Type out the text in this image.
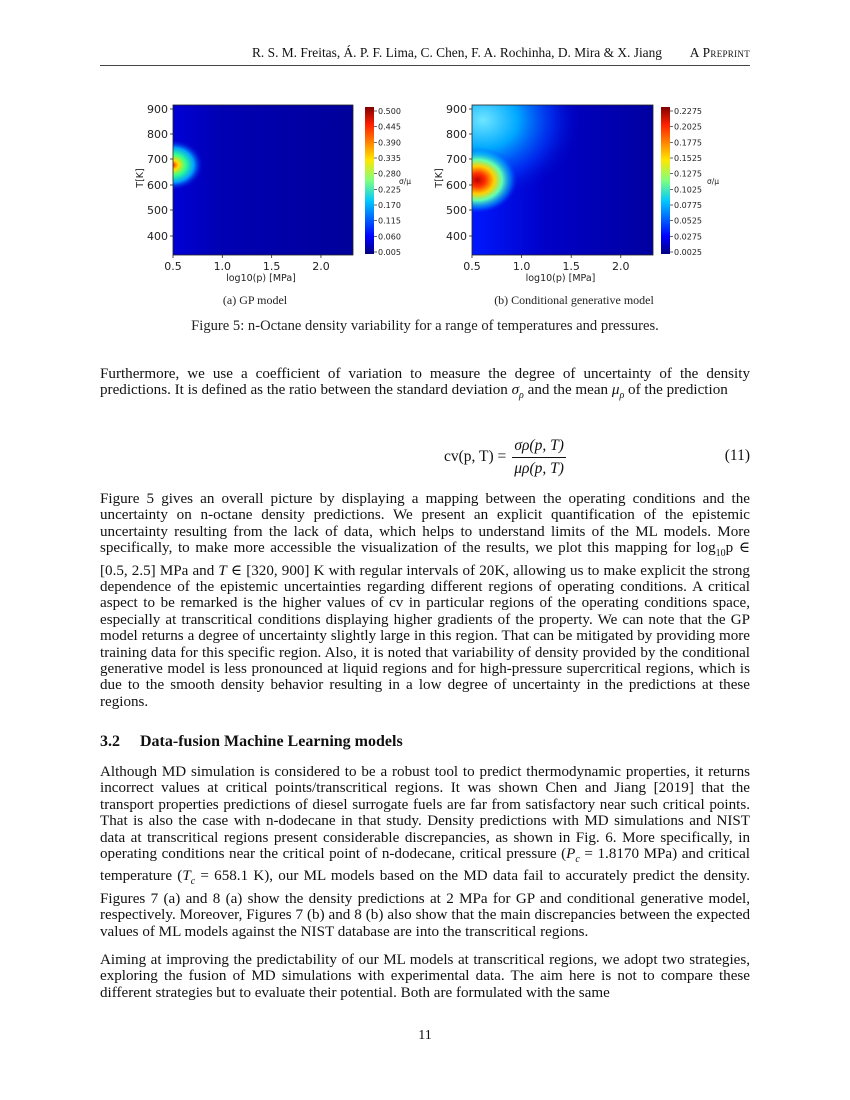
R. S. M. Freitas, Á. P. F. Lima, C. Chen, F. A. Rochinha, D. Mira & X. Jiang A Preprint
900
800
700
600
500
400
0.5	1.0	1.5	2.0
log10(p) [MPa]
T[K]
0.500
0.445
0.390
0.335
0.280
0.225
0.170
0.115
0.060
0.005
σ/μ
(a) GP model
900
800
700
600
500
400
0.5	1.0	1.5	2.0
log10(p) [MPa]
T[K]
0.2275
0.2025
0.1775
0.1525
0.1275
0.1025
0.0775
0.0525
0.0275
0.0025
σ/μ
(b) Conditional generative model
Figure 5: n-Octane density variability for a range of temperatures and pressures.
Furthermore, we use a coefficient of variation to measure the degree of uncertainty of the density predictions. It is defined as the ratio between the standard deviation $\sigma_\rho$ and the mean $\mu_\rho$ of the prediction
cv(p, $T) = \frac{\sigma\rho(p, T)}{\mu\rho(p, T)}$	(11)
Figure 5 gives an overall picture by displaying a mapping between the operating conditions and the uncertainty on n-octane density predictions. We present an explicit quantification of the epistemic uncertainty resulting from the lack of data, which helps to understand limits of the ML models. More specifically, to make more accessible the visualization of the results, we plot this mapping for $\log_{10}p$ ∈ [0.5, 2.5] MPa and T ∈ [320, 900] K with regular intervals of 20K, allowing us to make explicit the strong dependence of the epistemic uncertainties regarding different regions of operating conditions. A critical aspect to be remarked is the higher values of cv in particular regions of the operating conditions space, especially at transcritical conditions displaying higher gradients of the property. We can note that the GP model returns a degree of uncertainty slightly large in this region. That can be mitigated by providing more training data for this specific region. Also, it is noted that variability of density provided by the conditional generative model is less pronounced at liquid regions and for high-pressure supercritical regions, which is due to the smooth density behavior resulting in a low degree of uncertainty in the predictions at these regions.
3.2 Data-fusion Machine Learning models
Although MD simulation is considered to be a robust tool to predict thermodynamic properties, it returns incorrect values at critical points/transcritical regions. It was shown Chen and Jiang [2019] that the transport properties predictions of diesel surrogate fuels are far from satisfactory near such critical points. That is also the case with n-dodecane in that study. Density predictions with MD simulations and NIST data at transcritical regions present considerable discrepancies, as shown in Fig. 6. More specifically, in operating conditions near the critical point of n-dodecane, critical pressure ($P_c = 1.8170$ MPa) and critical temperature ($T_c = 658.1$ K), our ML models based on the MD data fail to accurately predict the density. Figures 7 (a) and 8 (a) show the density predictions at 2 MPa for GP and conditional generative model, respectively. Moreover, Figures 7 (b) and 8 (b) also show that the main discrepancies between the expected values of ML models against the NIST database are into the transcritical regions.
Aiming at improving the predictability of our ML models at transcritical regions, we adopt two strategies, exploring the fusion of MD simulations with experimental data. The aim here is not to compare these different strategies but to evaluate their potential. Both are formulated with the same
11
